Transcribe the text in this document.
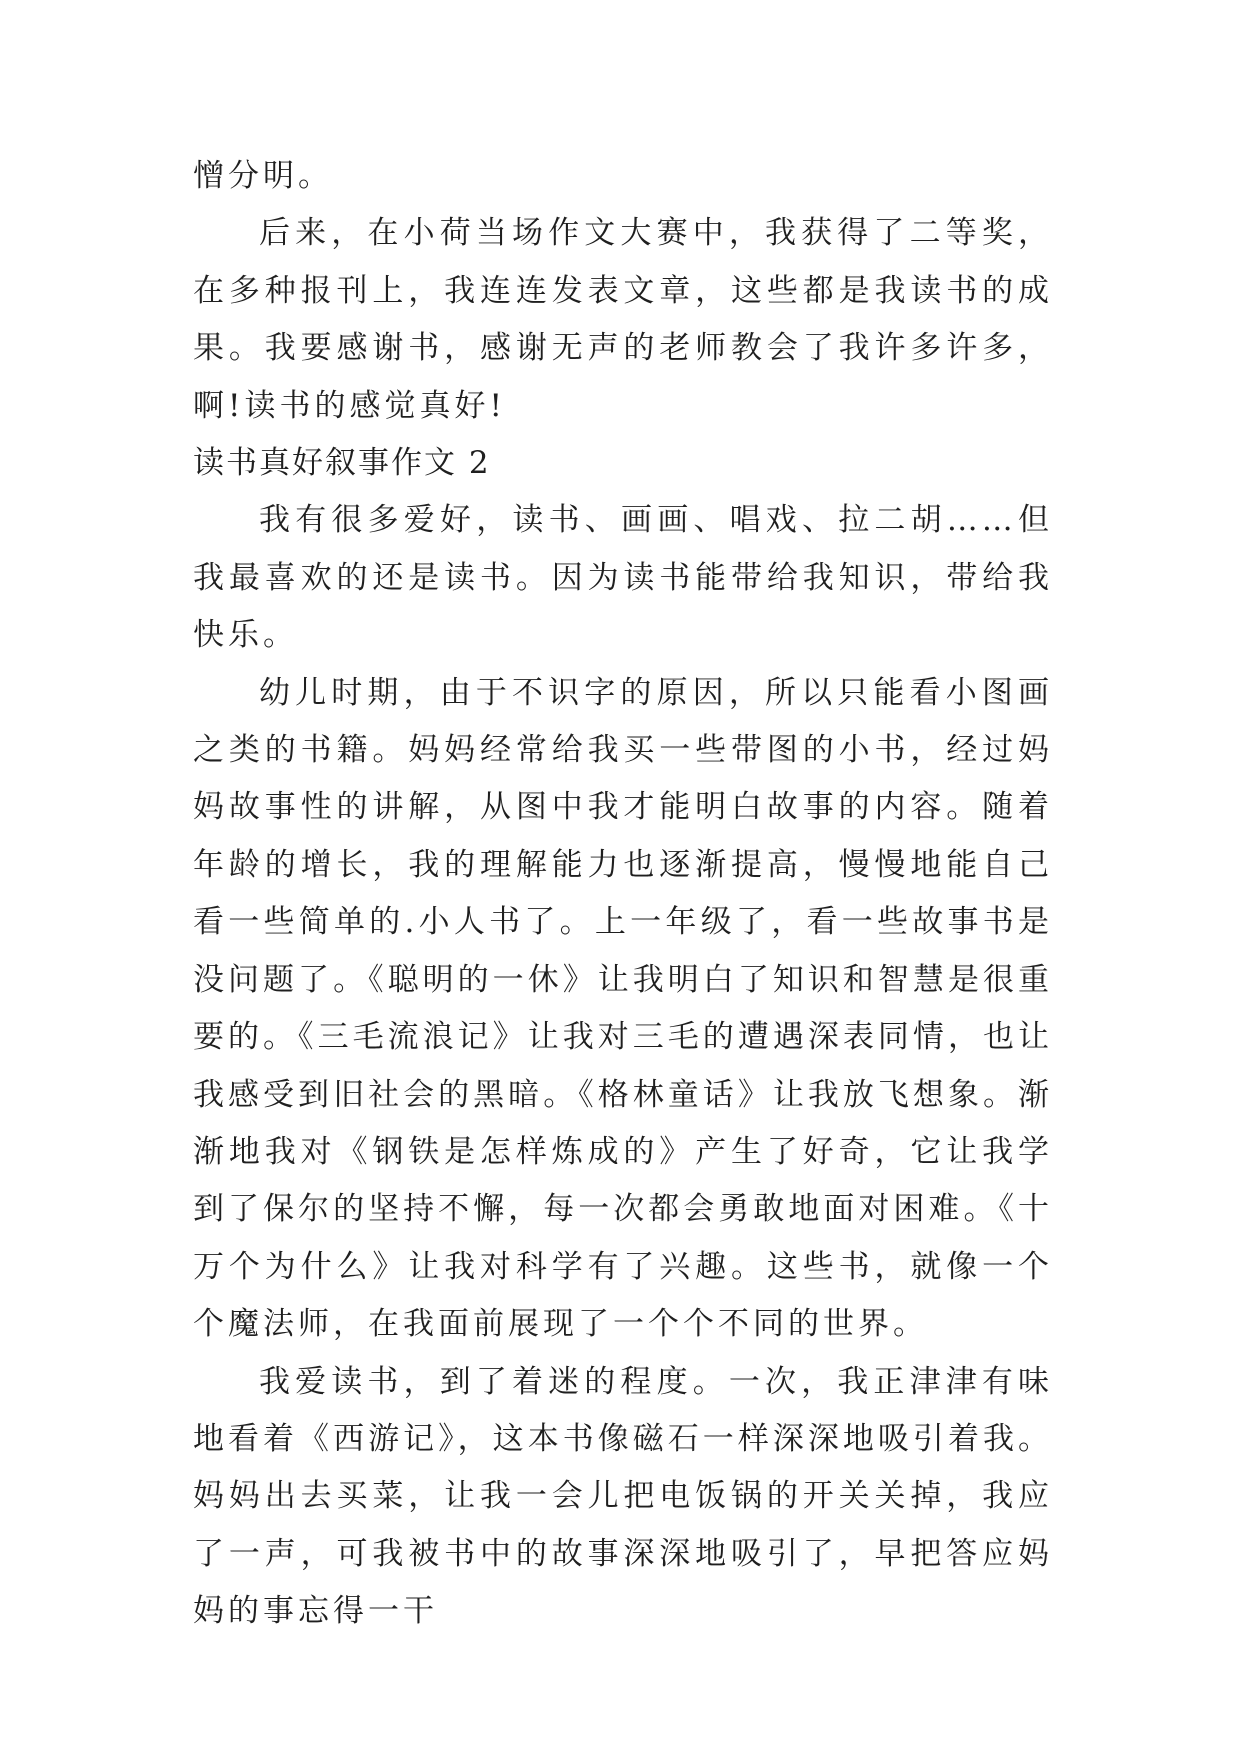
憎分明。

后来，在小荷当场作文大赛中，我获得了二等奖，在多种报刊上，我连连发表文章，这些都是我读书的成果。我要感谢书，感谢无声的老师教会了我许多许多，啊!读书的感觉真好!

读书真好叙事作文 2

我有很多爱好，读书、画画、唱戏、拉二胡……但我最喜欢的还是读书。因为读书能带给我知识，带给我快乐。

幼儿时期，由于不识字的原因，所以只能看小图画之类的书籍。妈妈经常给我买一些带图的小书，经过妈妈故事性的讲解，从图中我才能明白故事的内容。随着年龄的增长，我的理解能力也逐渐提高，慢慢地能自己看一些简单的.小人书了。上一年级了，看一些故事书是没问题了。《聪明的一休》让我明白了知识和智慧是很重要的。《三毛流浪记》让我对三毛的遭遇深表同情，也让我感受到旧社会的黑暗。《格林童话》让我放飞想象。渐渐地我对《钢铁是怎样炼成的》产生了好奇，它让我学到了保尔的坚持不懈，每一次都会勇敢地面对困难。《十万个为什么》让我对科学有了兴趣。这些书，就像一个个魔法师，在我面前展现了一个个不同的世界。

我爱读书，到了着迷的程度。一次，我正津津有味地看着《西游记》，这本书像磁石一样深深地吸引着我。妈妈出去买菜，让我一会儿把电饭锅的开关关掉，我应了一声，可我被书中的故事深深地吸引了，早把答应妈妈的事忘得一干
